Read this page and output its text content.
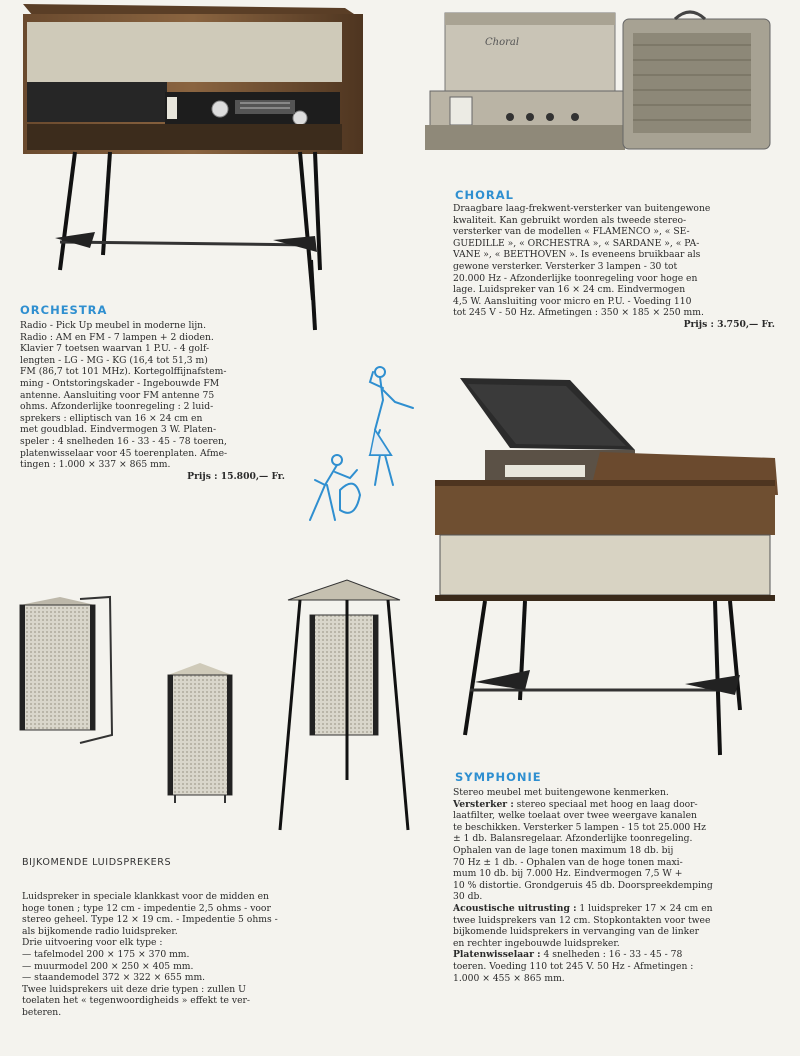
Choral
CHORAL
Draagbare laag-frekwent-versterker van buitengewone
kwaliteit. Kan gebruikt worden als tweede stereo-
versterker van de modellen « FLAMENCO », « SE-
GUEDILLE », « ORCHESTRA », « SARDANE », « PA-
VANE », « BEETHOVEN ». Is eveneens bruikbaar als
gewone versterker. Versterker 3 lampen - 30 tot
20.000 Hz - Afzonderlijke toonregeling voor hoge en
lage. Luidspreker van 16 × 24 cm. Eindvermogen
4,5 W. Aansluiting voor micro en P.U. - Voeding 110
tot 245 V - 50 Hz. Afmetingen : 350 × 185 × 250 mm.
Prijs : 3.750,— Fr.
ORCHESTRA
Radio - Pick Up meubel in moderne lijn.
Radio : AM en FM - 7 lampen + 2 dioden.
Klavier 7 toetsen waarvan 1 P.U. - 4 golf-
lengten - LG - MG - KG (16,4 tot 51,3 m)
FM (86,7 tot 101 MHz). Kortegolffijnafstem-
ming - Ontstoringskader - Ingebouwde FM
antenne. Aansluiting voor FM antenne 75
ohms. Afzonderlijke toonregeling : 2 luid-
sprekers : elliptisch van 16 × 24 cm en
met goudblad. Eindvermogen 3 W. Platen-
speler : 4 snelheden 16 - 33 - 45 - 78 toeren,
platenwisselaar voor 45 toerenplaten. Afme-
tingen : 1.000 × 337 × 865 mm.
Prijs : 15.800,— Fr.
SYMPHONIE
Stereo meubel met buitengewone kenmerken.
Versterker : stereo speciaal met hoog en laag door-
laatfilter, welke toelaat over twee weergave kanalen
te beschikken. Versterker 5 lampen - 15 tot 25.000 Hz
± 1 db. Balansregelaar. Afzonderlijke toonregeling.
Ophalen van de lage tonen maximum 18 db. bij
70 Hz ± 1 db. - Ophalen van de hoge tonen maxi-
mum 10 db. bij 7.000 Hz. Eindvermogen 7,5 W +
10 % distortie. Grondgeruis 45 db. Doorspreekdemping
30 db.
Acoustische uitrusting : 1 luidspreker 17 × 24 cm en
twee luidsprekers van 12 cm. Stopkontakten voor twee
bijkomende luidsprekers in vervanging van de linker
en rechter ingebouwde luidspreker.
Platenwisselaar : 4 snelheden : 16 - 33 - 45 - 78
toeren. Voeding 110 tot 245 V. 50 Hz - Afmetingen :
1.000 × 455 × 865 mm.
BIJKOMENDE LUIDSPREKERS
Luidspreker in speciale klankkast voor de midden en
hoge tonen ; type 12 cm - impedentie 2,5 ohms - voor
stereo geheel. Type 12 × 19 cm. - Impedentie 5 ohms -
als bijkomende radio luidspreker.
Drie uitvoering voor elk type :
— tafelmodel 200 × 175 × 370 mm.
— muurmodel 200 × 250 × 405 mm.
— staandemodel 372 × 322 × 655 mm.
Twee luidsprekers uit deze drie typen : zullen U
toelaten het « tegenwoordigheids » effekt te ver-
beteren.
